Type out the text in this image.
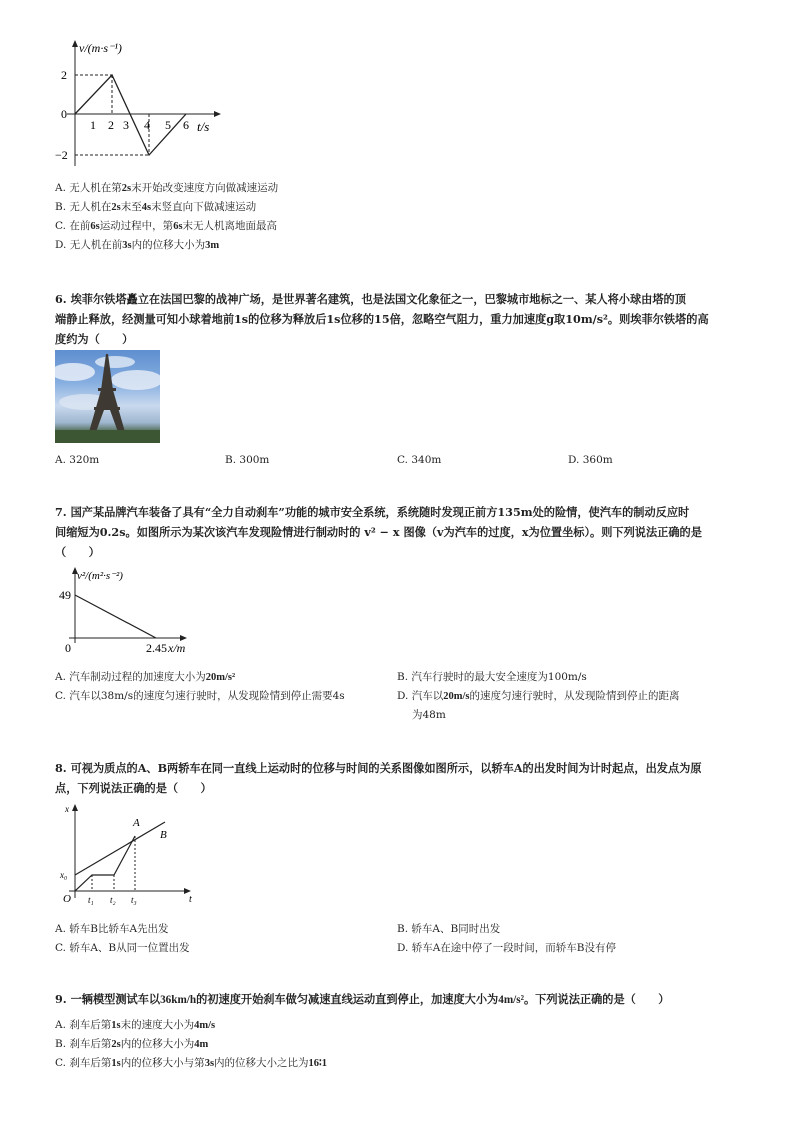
v/(m·s⁻¹)
2
0
−2
1 2 3 4 5 6 t/s
A. 无人机在第2s末开始改变速度方向做减速运动
B. 无人机在2s末至4s末竖直向下做减速运动
C. 在前6s运动过程中，第6s末无人机离地面最高
D. 无人机在前3s内的位移大小为3m
6. 埃菲尔铁塔矗立在法国巴黎的战神广场，是世界著名建筑，也是法国文化象征之一，巴黎城市地标之一、某人将小球由塔的顶
端静止释放，经测量可知小球着地前1s的位移为释放后1s位移的15倍，忽略空气阻力，重力加速度g取10m/s²。则埃菲尔铁塔的高
度约为（　　）
A. 320m	B. 300m	C. 340m	D. 360m
7. 国产某品牌汽车装备了具有“全力自动刹车”功能的城市安全系统，系统随时发现正前方135m处的险情，使汽车的制动反应时
间缩短为0.2s。如图所示为某次该汽车发现险情进行制动时的 v² − x 图像（v为汽车的过度，x为位置坐标）。则下列说法正确的是
（　　）
v²/(m²·s⁻²)
49
0	2.45 x/m
A. 汽车制动过程的加速度大小为20m/s²	B. 汽车行驶时的最大安全速度为100m/s
C. 汽车以38m/s的速度匀速行驶时，从发现险情到停止需要4s	D. 汽车以20m/s的速度匀速行驶时，从发现险情到停止的距离
为48m
8. 可视为质点的A、B两轿车在同一直线上运动时的位移与时间的关系图像如图所示，以轿车A的出发时间为计时起点，出发点为原
点，下列说法正确的是（　　）
x
x₀
O t₁ t₂ t₃	t
A
B
A. 轿车B比轿车A先出发	B. 轿车A、B同时出发
C. 轿车A、B从同一位置出发	D. 轿车A在途中停了一段时间，而轿车B没有停
9. 一辆模型测试车以36km/h的初速度开始刹车做匀减速直线运动直到停止，加速度大小为4m/s²。下列说法正确的是（　　）
A. 刹车后第1s末的速度大小为4m/s
B. 刹车后第2s内的位移大小为4m
C. 刹车后第1s内的位移大小与第3s内的位移大小之比为16∶1
